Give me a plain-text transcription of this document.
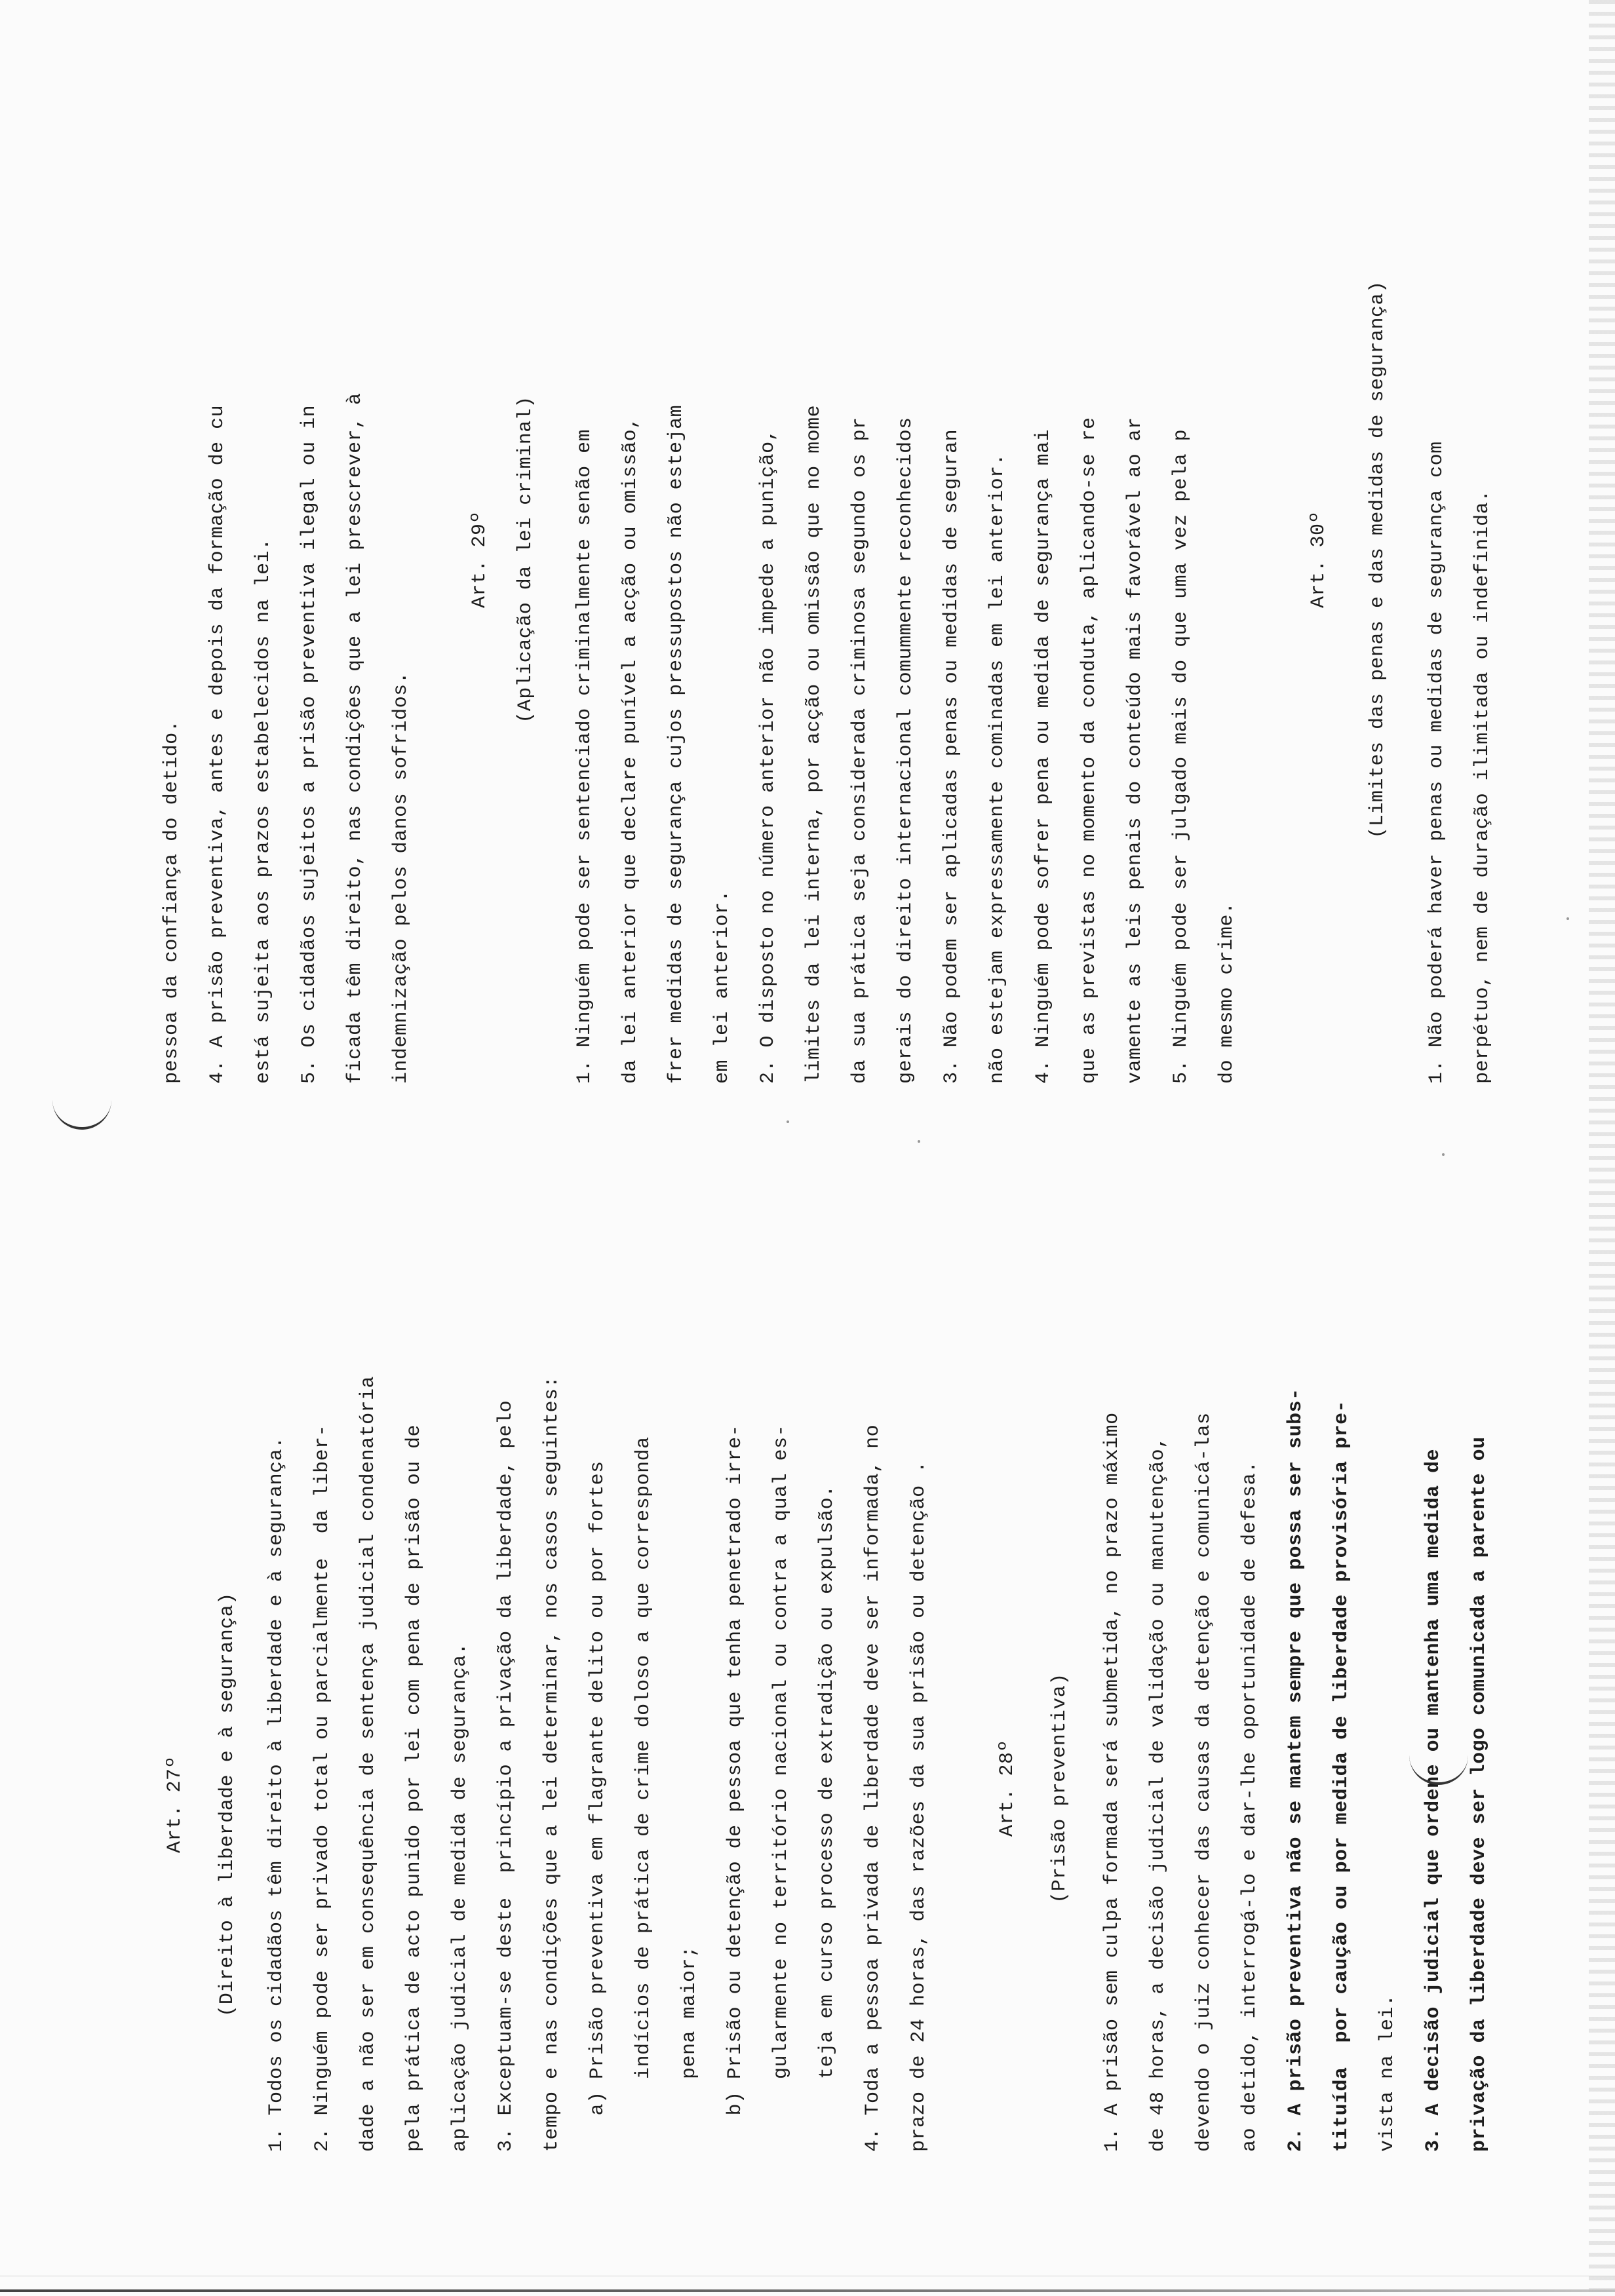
Art. 27º (Direito à liberdade e à segurança) 1. Todos os cidadãos têm direito à liberdade e à segurança. 2. Ninguém pode ser privado total ou parcialmente  da liber- dade a não ser em consequência de sentença judicial condenatória pela prática de acto punido por lei com pena de prisão ou de aplicação judicial de medida de segurança. 3. Exceptuam-se deste  princípio a privação da liberdade, pelo tempo e nas condições que a lei determinar, nos casos seguintes: a) Prisão preventiva em flagrante delito ou por fortes indícios de prática de crime doloso a que corresponda pena maior; b) Prisão ou detenção de pessoa que tenha penetrado irre- gularmente no território nacional ou contra a qual es- teja em curso processo de extradição ou expulsão. 4. Toda a pessoa privada de liberdade deve ser informada, no prazo de 24 horas, das razões da sua prisão ou detenção .	Art. 28º (Prisão preventiva) 1. A prisão sem culpa formada será submetida, no prazo máximo de 48 horas, a decisão judicial de validação ou manutenção, devendo o juiz conhecer das causas da detenção e comunicá-las ao detido, interrogá-lo e dar-lhe oportunidade de defesa. 2. A prisão preventiva não se mantem sempre que possa ser subs- tituída  por caução ou por medida de liberdade provisória pre- vista na lei. 3. A decisão judicial que ordene ou mantenha uma medida de privação da liberdade deve ser logo comunicada a parente ou
pessoa da confiança do detido. 4. A prisão preventiva, antes e depois da formação de cu está sujeita aos prazos estabelecidos na lei. 5. Os cidadãos sujeitos a prisão preventiva ilegal ou in ficada têm direito, nas condições que a lei prescrever, à indemnização pelos danos sofridos.
Art. 29º (Aplicação da lei criminal) 1. Ninguém pode ser sentenciado criminalmente senão em da lei anterior que declare punível a acção ou omissão, frer medidas de segurança cujos pressupostos não estejam em lei anterior. 2. O disposto no número anterior não impede a punição, limites da lei interna, por acção ou omissão que no mome da sua prática seja considerada criminosa segundo os pr gerais do direito internacional comummente reconhecidos 3. Não podem ser aplicadas penas ou medidas de seguran não estejam expressamente cominadas em lei anterior. 4. Ninguém pode sofrer pena ou medida de segurança mai que as previstas no momento da conduta, aplicando-se re vamente as leis penais do conteúdo mais favorável ao ar 5. Ninguém pode ser julgado mais do que uma vez pela p do mesmo crime.
Art. 30º (Limites das penas e das medidas de segurança) 1. Não poderá haver penas ou medidas de segurança com perpétuo, nem de duração ilimitada ou indefinida.
